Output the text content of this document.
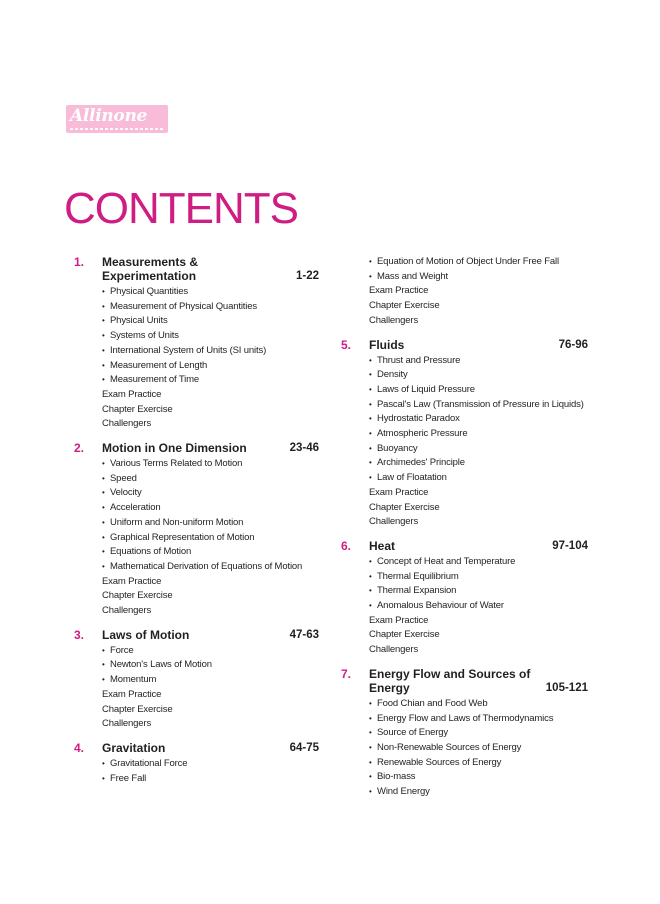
Allinone
CONTENTS
1. Measurements & Experimentation	1-22
• Physical Quantities
• Measurement of Physical Quantities
• Physical Units
• Systems of Units
• International System of Units (SI units)
• Measurement of Length
• Measurement of Time
Exam Practice
Chapter Exercise
Challengers
2. Motion in One Dimension	23-46
• Various Terms Related to Motion
• Speed
• Velocity
• Acceleration
• Uniform and Non-uniform Motion
• Graphical Representation of Motion
• Equations of Motion
• Mathematical Derivation of Equations of Motion
Exam Practice
Chapter Exercise
Challengers
3. Laws of Motion	47-63
• Force
• Newton's Laws of Motion
• Momentum
Exam Practice
Chapter Exercise
Challengers
4. Gravitation	64-75
• Gravitational Force
• Free Fall
• Equation of Motion of Object Under Free Fall
• Mass and Weight
Exam Practice
Chapter Exercise
Challengers
5. Fluids	76-96
• Thrust and Pressure
• Density
• Laws of Liquid Pressure
• Pascal's Law (Transmission of Pressure in Liquids)
• Hydrostatic Paradox
• Atmospheric Pressure
• Buoyancy
• Archimedes' Principle
• Law of Floatation
Exam Practice
Chapter Exercise
Challengers
6. Heat	97-104
• Concept of Heat and Temperature
• Thermal Equilibrium
• Thermal Expansion
• Anomalous Behaviour of Water
Exam Practice
Chapter Exercise
Challengers
7. Energy Flow and Sources of Energy	105-121
• Food Chian and Food Web
• Energy Flow and Laws of Thermodynamics
• Source of Energy
• Non-Renewable Sources of Energy
• Renewable Sources of Energy
• Bio-mass
• Wind Energy
